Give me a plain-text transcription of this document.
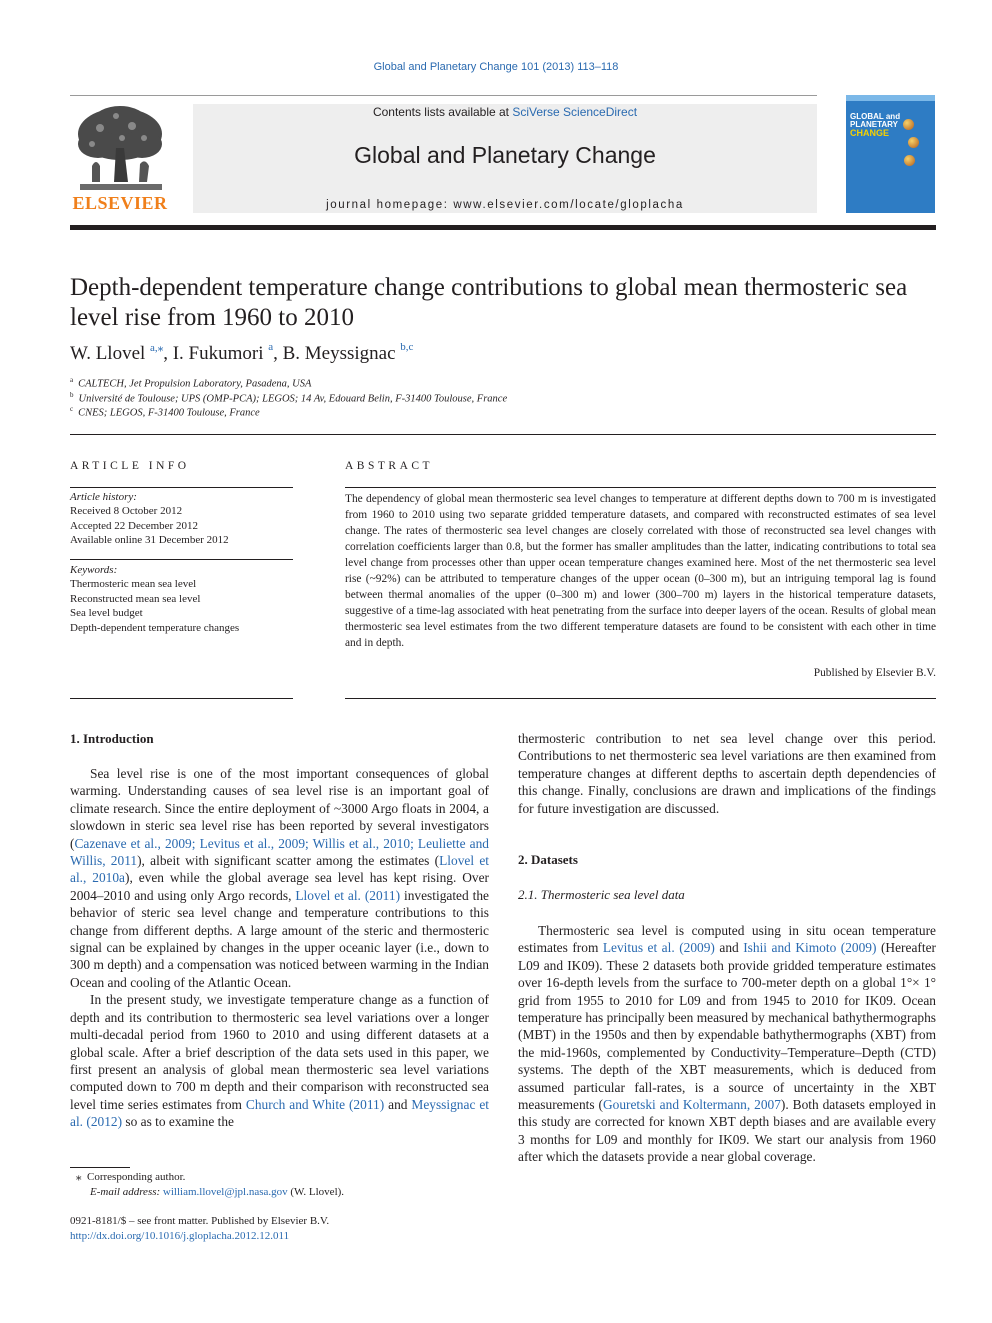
Global and Planetary Change 101 (2013) 113–118
ELSEVIER
Contents lists available at SciVerse ScienceDirect
Global and Planetary Change
journal homepage: www.elsevier.com/locate/gloplacha
GLOBAL and
PLANETARY
CHANGE
Depth-dependent temperature change contributions to global mean thermosteric sea level rise from 1960 to 2010
W. Llovel $^{a,⁎}$, I. Fukumori $^a$, B. Meyssignac $^{b,c}$
$^a$ CALTECH, Jet Propulsion Laboratory, Pasadena, USA
$^b$ Université de Toulouse; UPS (OMP-PCA); LEGOS; 14 Av, Edouard Belin, F-31400 Toulouse, France
$^c$ CNES; LEGOS, F-31400 Toulouse, France
ARTICLE INFO
Article history:
Received 8 October 2012
Accepted 22 December 2012
Available online 31 December 2012
Keywords:
Thermosteric mean sea level
Reconstructed mean sea level
Sea level budget
Depth-dependent temperature changes
ABSTRACT
The dependency of global mean thermosteric sea level changes to temperature at different depths down to 700 m is investigated from 1960 to 2010 using two separate gridded temperature datasets, and compared with reconstructed estimates of sea level change. The rates of thermosteric sea level changes are closely correlated with those of reconstructed sea level changes with correlation coefficients larger than 0.8, but the former has smaller amplitudes than the latter, indicating contributions to total sea level change from processes other than upper ocean temperature changes examined here. Most of the net thermosteric sea level rise (~92%) can be attributed to temperature changes of the upper ocean (0–300 m), but an intriguing temporal lag is found between thermal anomalies of the upper (0–300 m) and lower (300–700 m) layers in the historical temperature datasets, suggestive of a time-lag associated with heat penetrating from the surface into deeper layers of the ocean. Results of global mean thermosteric sea level estimates from the two different temperature datasets are found to be consistent with each other in time and in depth.
Published by Elsevier B.V.
1. Introduction

Sea level rise is one of the most important consequences of global warming. Understanding causes of sea level rise is an important goal of climate research. Since the entire deployment of ~3000 Argo floats in 2004, a slowdown in steric sea level rise has been reported by several investigators (Cazenave et al., 2009; Levitus et al., 2009; Willis et al., 2010; Leuliette and Willis, 2011), albeit with significant scatter among the estimates (Llovel et al., 2010a), even while the global average sea level has kept rising. Over 2004–2010 and using only Argo records, Llovel et al. (2011) investigated the behavior of steric sea level change and temperature contributions to this change from different depths. A large amount of the steric and thermosteric signal can be explained by changes in the upper oceanic layer (i.e., down to 300 m depth) and a compensation was noticed between warming in the Indian Ocean and cooling of the Atlantic Ocean.

In the present study, we investigate temperature change as a function of depth and its contribution to thermosteric sea level variations over a longer multi-decadal period from 1960 to 2010 and using different datasets at a global scale. After a brief description of the data sets used in this paper, we first present an analysis of global mean thermosteric sea level variations computed down to 700 m depth and their comparison with reconstructed sea level time series estimates from Church and White (2011) and Meyssignac et al. (2012) so as to examine the

⁎ Corresponding author.
E-mail address: william.llovel@jpl.nasa.gov (W. Llovel).
0921-8181/$ – see front matter. Published by Elsevier B.V.
http://dx.doi.org/10.1016/j.gloplacha.2012.12.011

thermosteric contribution to net sea level change over this period. Contributions to net thermosteric sea level variations are then examined from temperature changes at different depths to ascertain depth dependencies of this change. Finally, conclusions are drawn and implications of the findings for future investigation are discussed.

2. Datasets
2.1. Thermosteric sea level data

Thermosteric sea level is computed using in situ ocean temperature estimates from Levitus et al. (2009) and Ishii and Kimoto (2009) (Hereafter L09 and IK09). These 2 datasets both provide gridded temperature estimates over 16-depth levels from the surface to 700-meter depth on a global 1°× 1° grid from 1955 to 2010 for L09 and from 1945 to 2010 for IK09. Ocean temperature has principally been measured by mechanical bathythermographs (MBT) in the 1950s and then by expendable bathythermographs (XBT) from the mid-1960s, complemented by Conductivity–Temperature–Depth (CTD) systems. The depth of the XBT measurements, which is deduced from assumed particular fall-rates, is a source of uncertainty in the XBT measurements (Gouretski and Koltermann, 2007). Both datasets employed in this study are corrected for known XBT depth biases and are available every 3 months for L09 and monthly for IK09. We start our analysis from 1960 after which the datasets provide a near global coverage.
